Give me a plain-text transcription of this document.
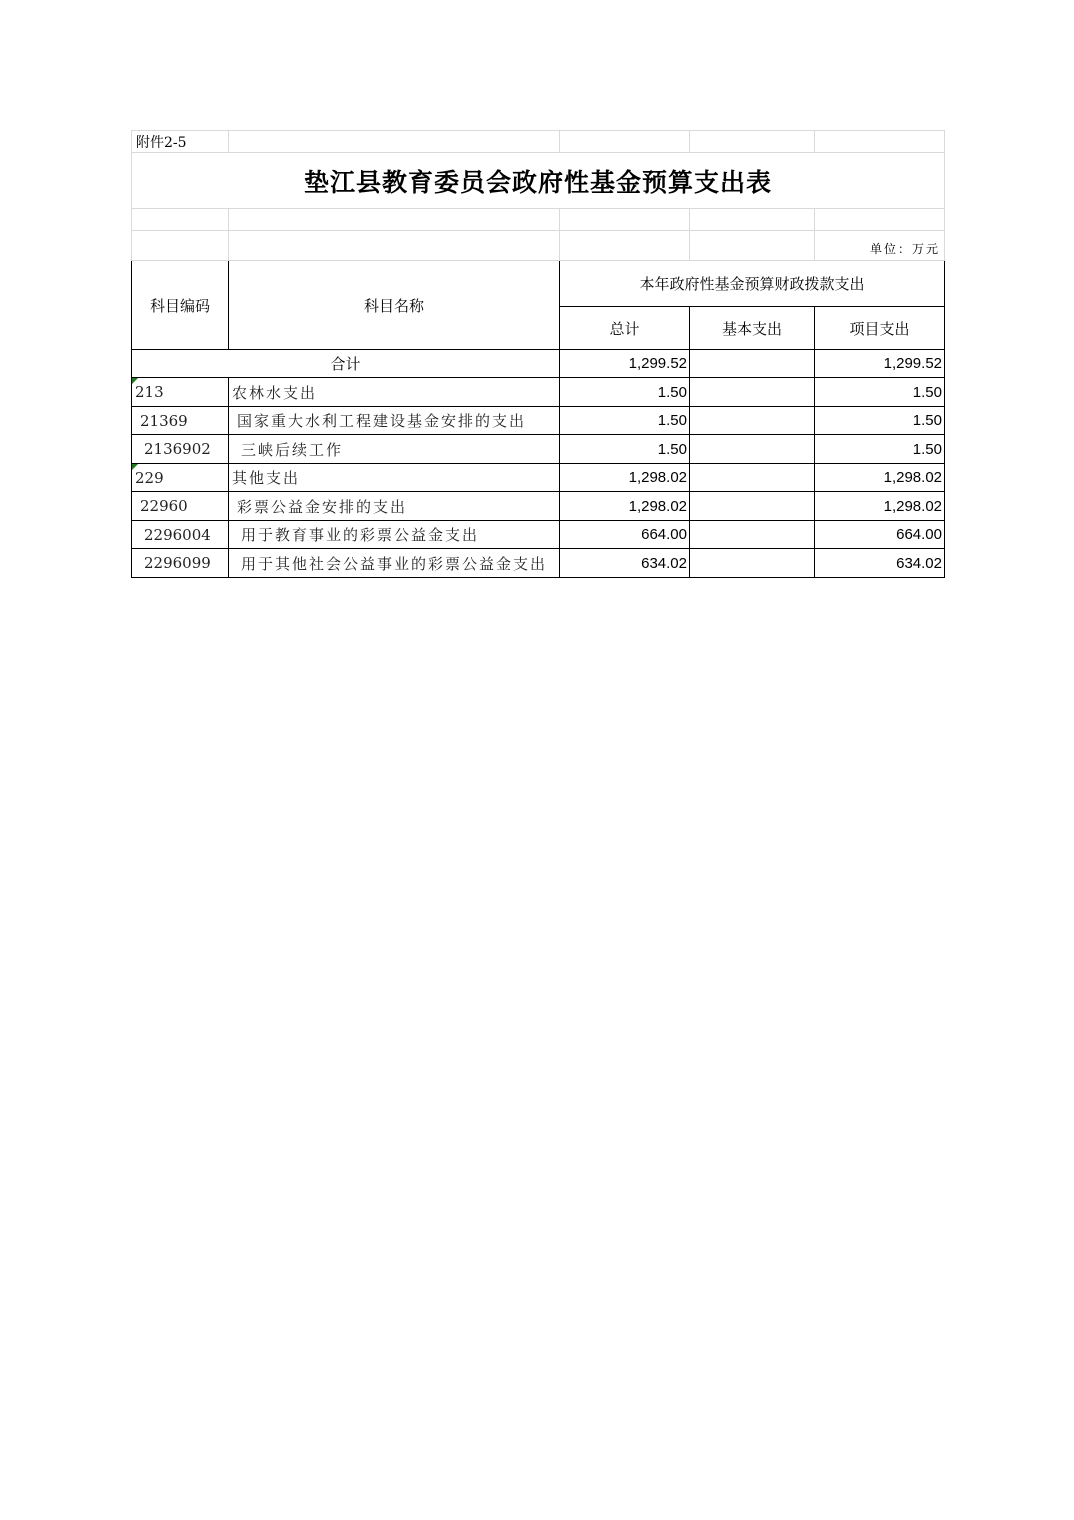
附件2-5				
垫江县教育委员会政府性基金预算支出表				

				单位：万元
科目编码	科目名称	本年政府性基金预算财政拨款支出		
		总计	基本支出	项目支出
合计		1,299.52		1,299.52

213	农林水支出	1.50		1.50
21369	国家重大水利工程建设基金安排的支出	1.50		1.50
2136902	三峡后续工作	1.50		1.50

229	其他支出	1,298.02		1,298.02
22960	彩票公益金安排的支出	1,298.02		1,298.02
2296004	用于教育事业的彩票公益金支出	664.00		664.00
2296099	用于其他社会公益事业的彩票公益金支出	634.02		634.02
